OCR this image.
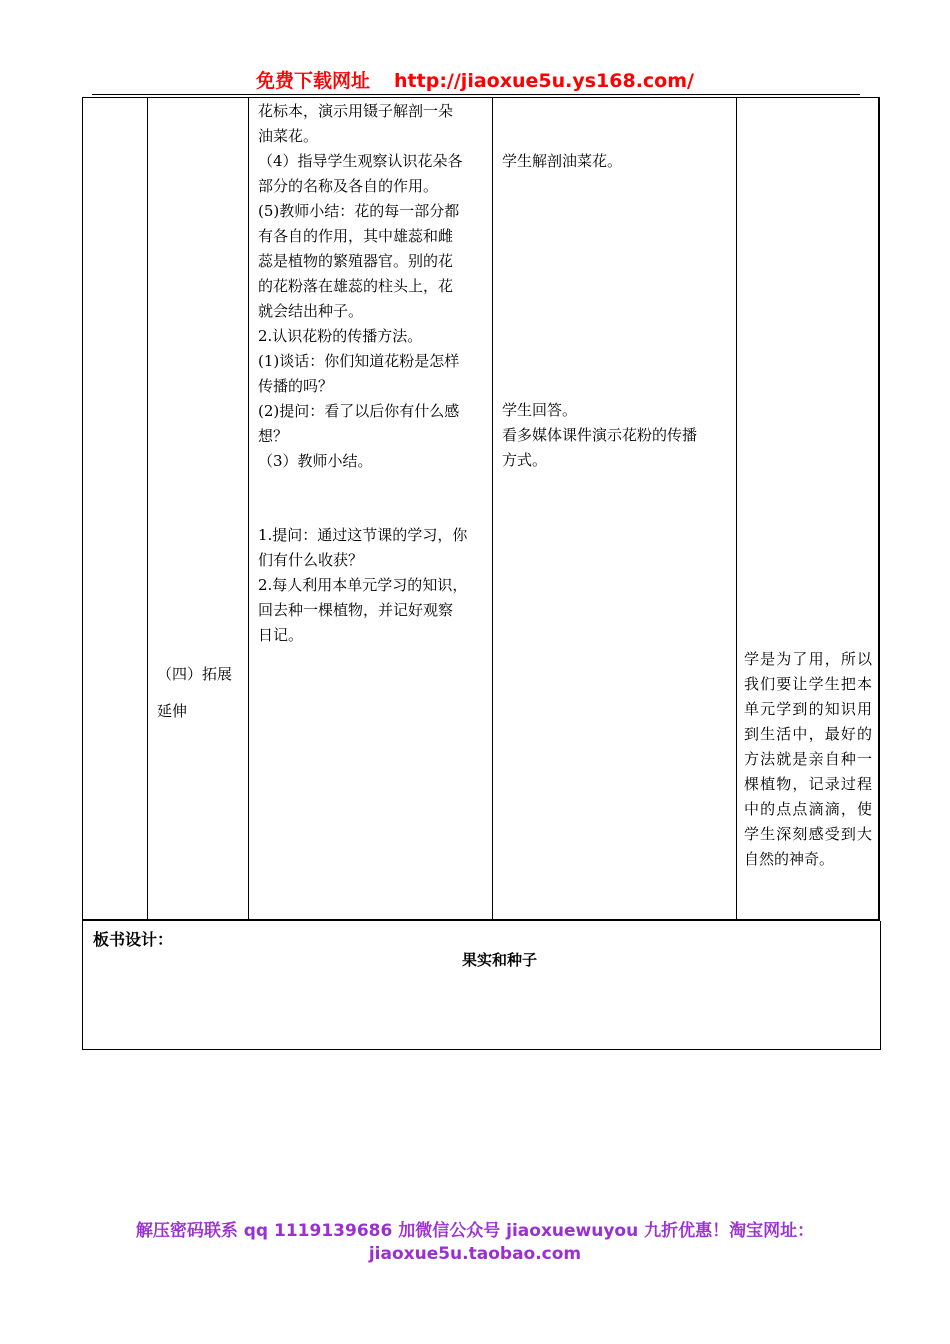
免费下载网址 http://jiaoxue5u.ys168.com/
花标本，演示用镊子解剖一朵
油菜花。
（4）指导学生观察认识花朵各
部分的名称及各自的作用。
(5)教师小结：花的每一部分都
有各自的作用，其中雄蕊和雌
蕊是植物的繁殖器官。别的花
的花粉落在雄蕊的柱头上，花
就会结出种子。
2.认识花粉的传播方法。
(1)谈话：你们知道花粉是怎样
传播的吗？
(2)提问：看了以后你有什么感
想？
（3）教师小结。
1.提问：通过这节课的学习，你
们有什么收获？
2.每人利用本单元学习的知识，
回去种一棵植物，并记好观察
日记。
学生解剖油菜花。
学生回答。
看多媒体课件演示花粉的传播
方式。
（四）拓展
延伸
学是为了用，所以我们要让学生把本单元学到的知识用到生活中，最好的方法就是亲自种一棵植物，记录过程中的点点滴滴，使学生深刻感受到大自然的神奇。
板书设计：
果实和种子
解压密码联系 qq 1119139686 加微信公众号 jiaoxuewuyou 九折优惠！淘宝网址：
jiaoxue5u.taobao.com
